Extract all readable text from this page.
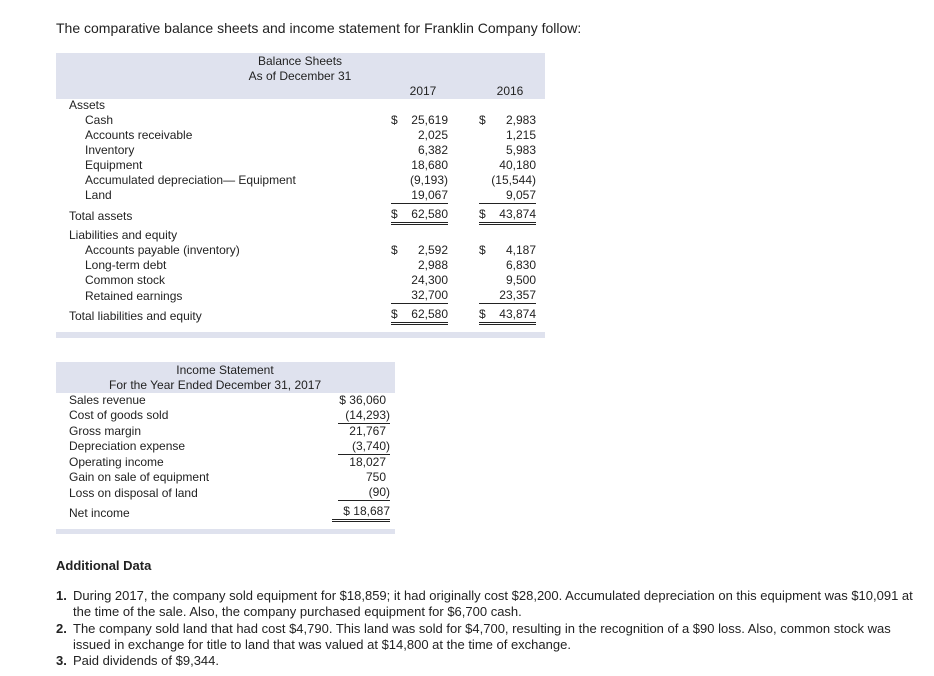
The comparative balance sheets and income statement for Franklin Company follow:
Balance Sheets
As of December 31
2017	2016
Assets
Cash	$ 25,619	$ 2,983
Accounts receivable	2,025	1,215
Inventory	6,382	5,983
Equipment	18,680	40,180
Accumulated depreciation— Equipment	(9,193)	(15,544)
Land	19,067	9,057
Total assets	$ 62,580	$ 43,874
Liabilities and equity
Accounts payable (inventory)	$ 2,592	$ 4,187
Long-term debt	2,988	6,830
Common stock	24,300	9,500
Retained earnings	32,700	23,357
Total liabilities and equity	$ 62,580	$ 43,874
Income Statement
For the Year Ended December 31, 2017
Sales revenue	$ 36,060
Cost of goods sold	(14,293)
Gross margin	21,767
Depreciation expense	(3,740)
Operating income	18,027
Gain on sale of equipment	750
Loss on disposal of land	(90)
Net income	$ 18,687
Additional Data
1. During 2017, the company sold equipment for $18,859; it had originally cost $28,200. Accumulated depreciation on this equipment was $10,091 at the time of the sale. Also, the company purchased equipment for $6,700 cash.
2. The company sold land that had cost $4,790. This land was sold for $4,700, resulting in the recognition of a $90 loss. Also, common stock was issued in exchange for title to land that was valued at $14,800 at the time of exchange.
3. Paid dividends of $9,344.
